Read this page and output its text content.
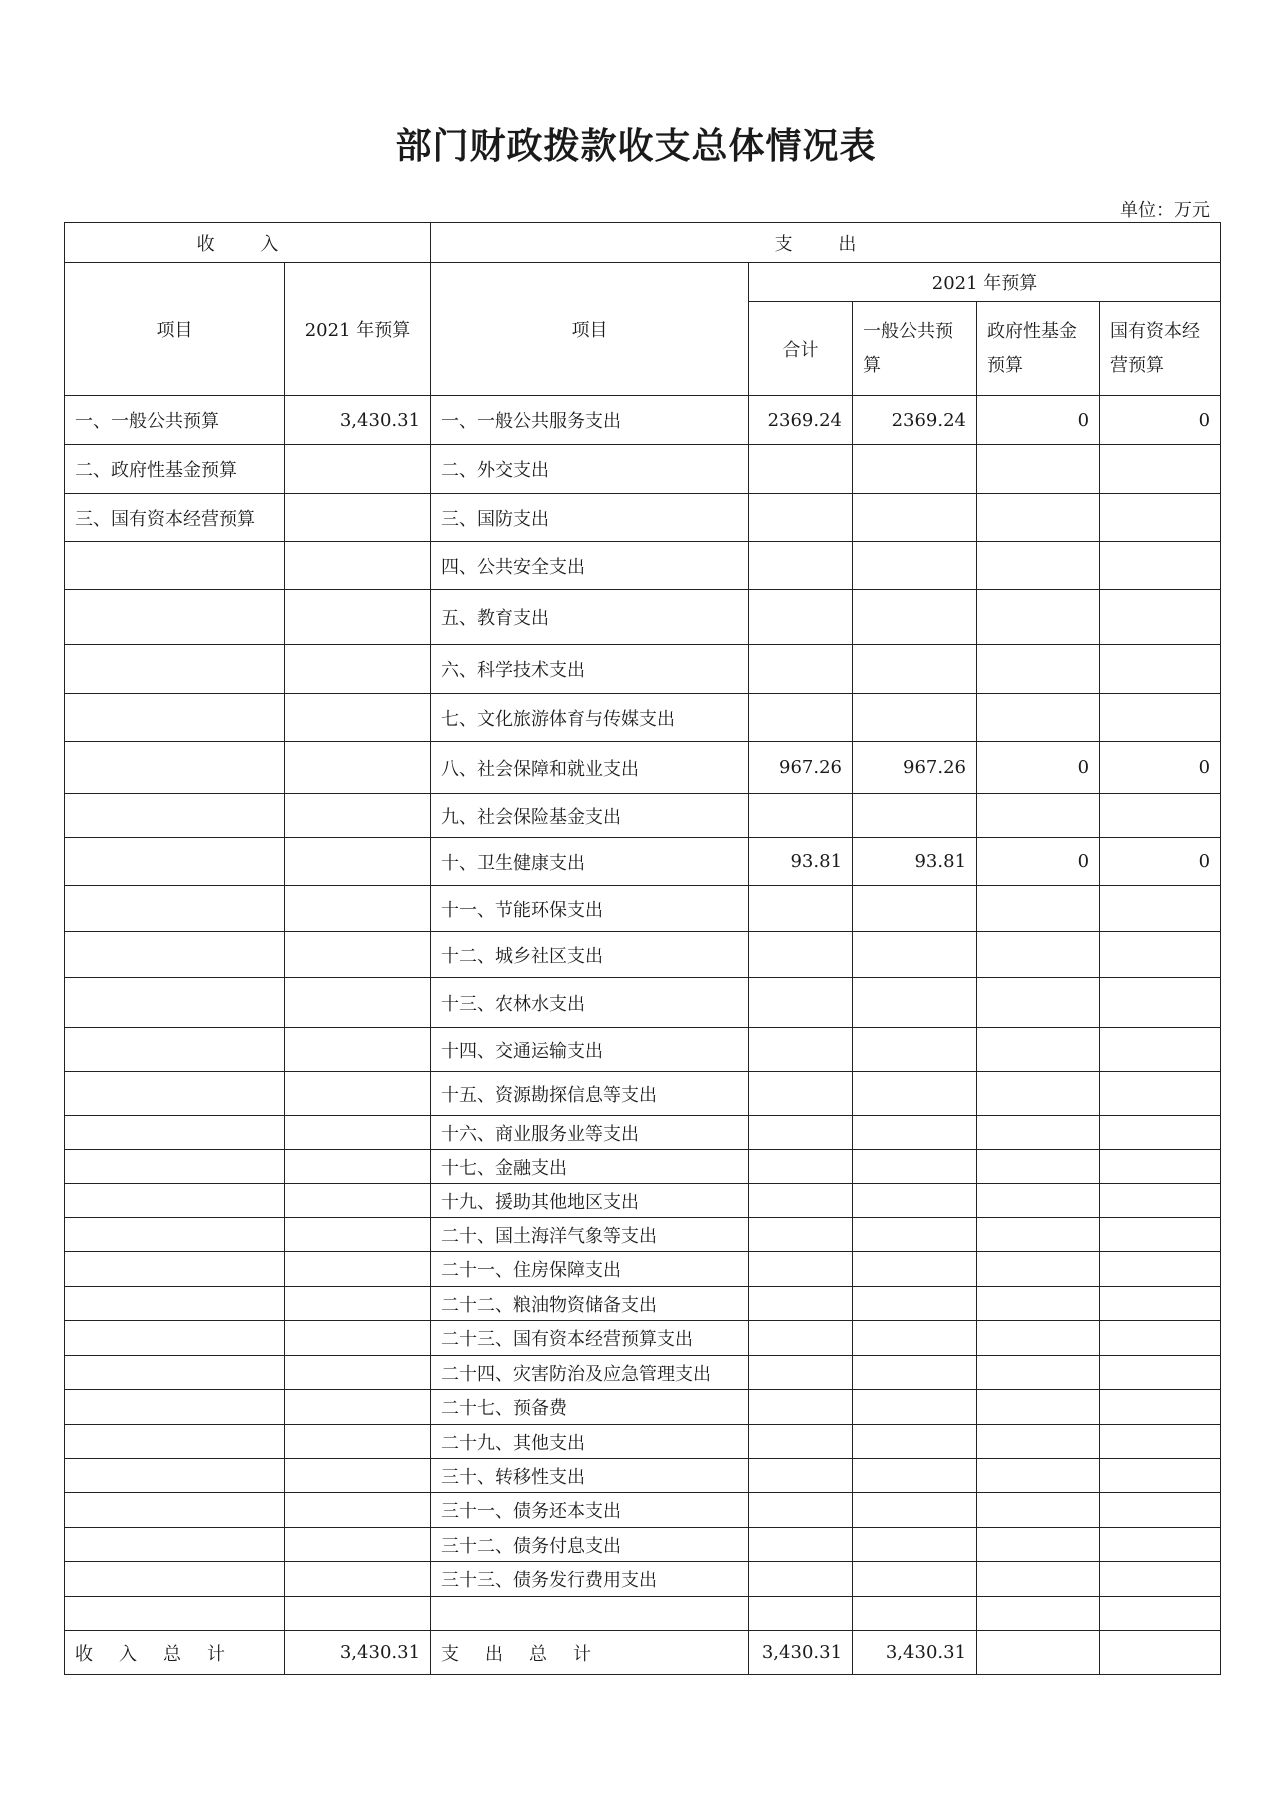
部门财政拨款收支总体情况表
单位：万元
收 入		支 出				
项目	2021 年预算	项目	2021 年预算			
			合计	一般公共预算	政府性基金预算	国有资本经营预算
一、一般公共预算	3,430.31	一、一般公共服务支出	2369.24	2369.24	0	0
二、政府性基金预算		二、外交支出				
三、国有资本经营预算		三、国防支出				
		四、公共安全支出				
		五、教育支出				
		六、科学技术支出				
		七、文化旅游体育与传媒支出				
		八、社会保障和就业支出	967.26	967.26	0	0
		九、社会保险基金支出				
		十、卫生健康支出	93.81	93.81	0	0
		十一、节能环保支出				
		十二、城乡社区支出				
		十三、农林水支出				
		十四、交通运输支出				
		十五、资源勘探信息等支出				
		十六、商业服务业等支出				
		十七、金融支出				
		十九、援助其他地区支出				
		二十、国土海洋气象等支出				
		二十一、住房保障支出				
		二十二、粮油物资储备支出				
		二十三、国有资本经营预算支出				
		二十四、灾害防治及应急管理支出				
		二十七、预备费				
		二十九、其他支出				
		三十、转移性支出				
		三十一、债务还本支出				
		三十二、债务付息支出				
		三十三、债务发行费用支出				

收入总计	3,430.31	支出总计	3,430.31	3,430.31		
